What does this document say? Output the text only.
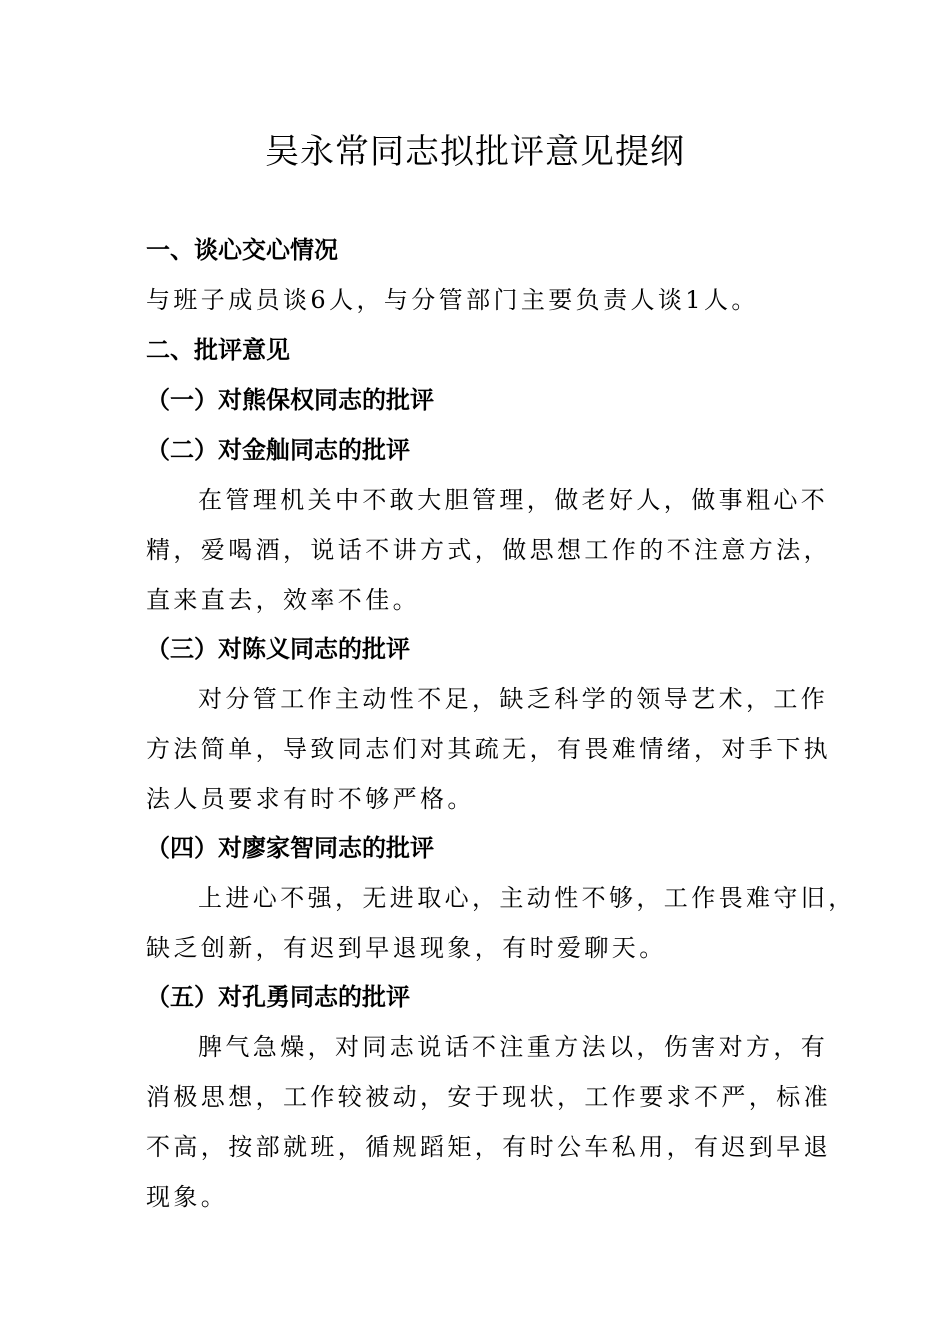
吴永常同志拟批评意见提纲
一、谈心交心情况
与班子成员谈6人，与分管部门主要负责人谈1人。
二、批评意见
（一）对熊保权同志的批评
（二）对金舢同志的批评
在管理机关中不敢大胆管理，做老好人，做事粗心不
精，爱喝酒，说话不讲方式，做思想工作的不注意方法，
直来直去，效率不佳。
（三）对陈义同志的批评
对分管工作主动性不足，缺乏科学的领导艺术，工作
方法简单，导致同志们对其疏无，有畏难情绪，对手下执
法人员要求有时不够严格。
（四）对廖家智同志的批评
上进心不强，无进取心，主动性不够，工作畏难守旧，
缺乏创新，有迟到早退现象，有时爱聊天。
（五）对孔勇同志的批评
脾气急燥，对同志说话不注重方法以，伤害对方，有
消极思想，工作较被动，安于现状，工作要求不严，标准
不高，按部就班，循规蹈矩，有时公车私用，有迟到早退
现象。
